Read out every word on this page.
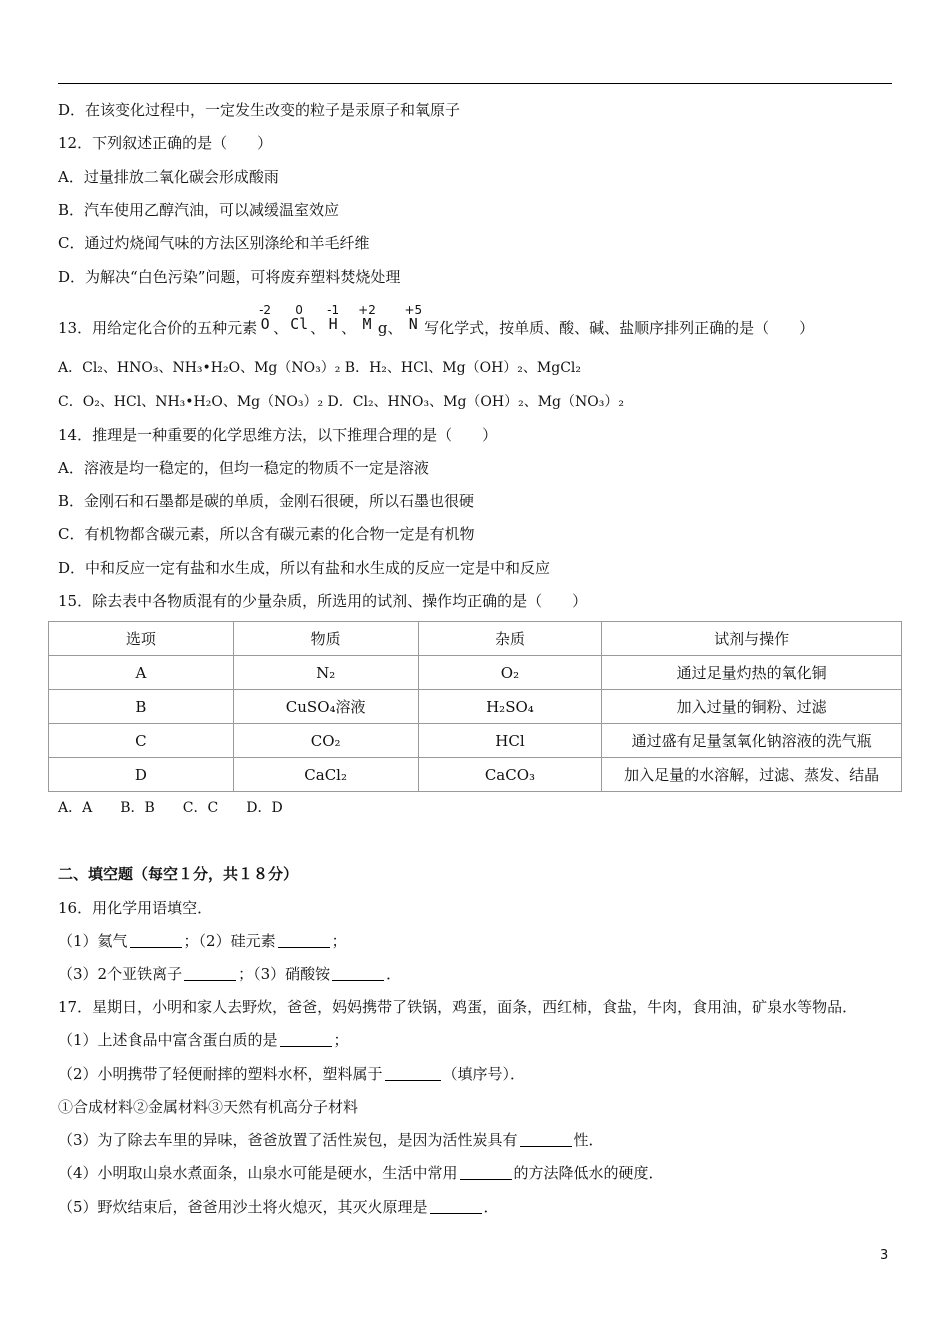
D．在该变化过程中，一定发生改变的粒子是汞原子和氧原子
12．下列叙述正确的是（　　）
A．过量排放二氧化碳会形成酸雨
B．汽车使用乙醇汽油，可以减缓温室效应
C．通过灼烧闻气味的方法区别涤纶和羊毛纤维
D．为解决“白色污染”问题，可将废弃塑料焚烧处理
13．用给定化合价的五种元素
-2
O 、
0
Cl 、
-1
H 、
+2
M g、
+5
N 写化学式，按单质、酸、碱、盐顺序排列正确的是（　　）
A．Cl₂、HNO₃、NH₃•H₂O、Mg（NO₃）₂ B．H₂、HCl、Mg（OH）₂、MgCl₂
C．O₂、HCl、NH₃•H₂O、Mg（NO₃）₂ D．Cl₂、HNO₃、Mg（OH）₂、Mg（NO₃）₂
14．推理是一种重要的化学思维方法，以下推理合理的是（　　）
A．溶液是均一稳定的，但均一稳定的物质不一定是溶液
B．金刚石和石墨都是碳的单质，金刚石很硬，所以石墨也很硬
C．有机物都含碳元素，所以含有碳元素的化合物一定是有机物
D．中和反应一定有盐和水生成，所以有盐和水生成的反应一定是中和反应
15．除去表中各物质混有的少量杂质，所选用的试剂、操作均正确的是（　　）
选项	物质	杂质	试剂与操作
A	N₂	O₂	通过足量灼热的氧化铜
B	CuSO₄溶液	H₂SO₄	加入过量的铜粉、过滤
C	CO₂	HCl	通过盛有足量氢氧化钠溶液的洗气瓶
D	CaCl₂	CaCO₃	加入足量的水溶解，过滤、蒸发、结晶
A．A　　B．B　　C．C　　D．D
二、填空题（每空１分，共１８分）
16．用化学用语填空．
（1）氦气	；（2）硅元素	；
（3）2个亚铁离子	；（3）硝酸铵	．
17．星期日，小明和家人去野炊，爸爸，妈妈携带了铁锅，鸡蛋，面条，西红柿，食盐，牛肉，食用油，矿泉水等物品．
（1）上述食品中富含蛋白质的是	；
（2）小明携带了轻便耐摔的塑料水杯，塑料属于	（填序号）．
①合成材料②金属材料③天然有机高分子材料
（3）为了除去车里的异味，爸爸放置了活性炭包，是因为活性炭具有	性．
（4）小明取山泉水煮面条，山泉水可能是硬水，生活中常用	的方法降低水的硬度．
（5）野炊结束后，爸爸用沙土将火熄灭，其灭火原理是	．
3
